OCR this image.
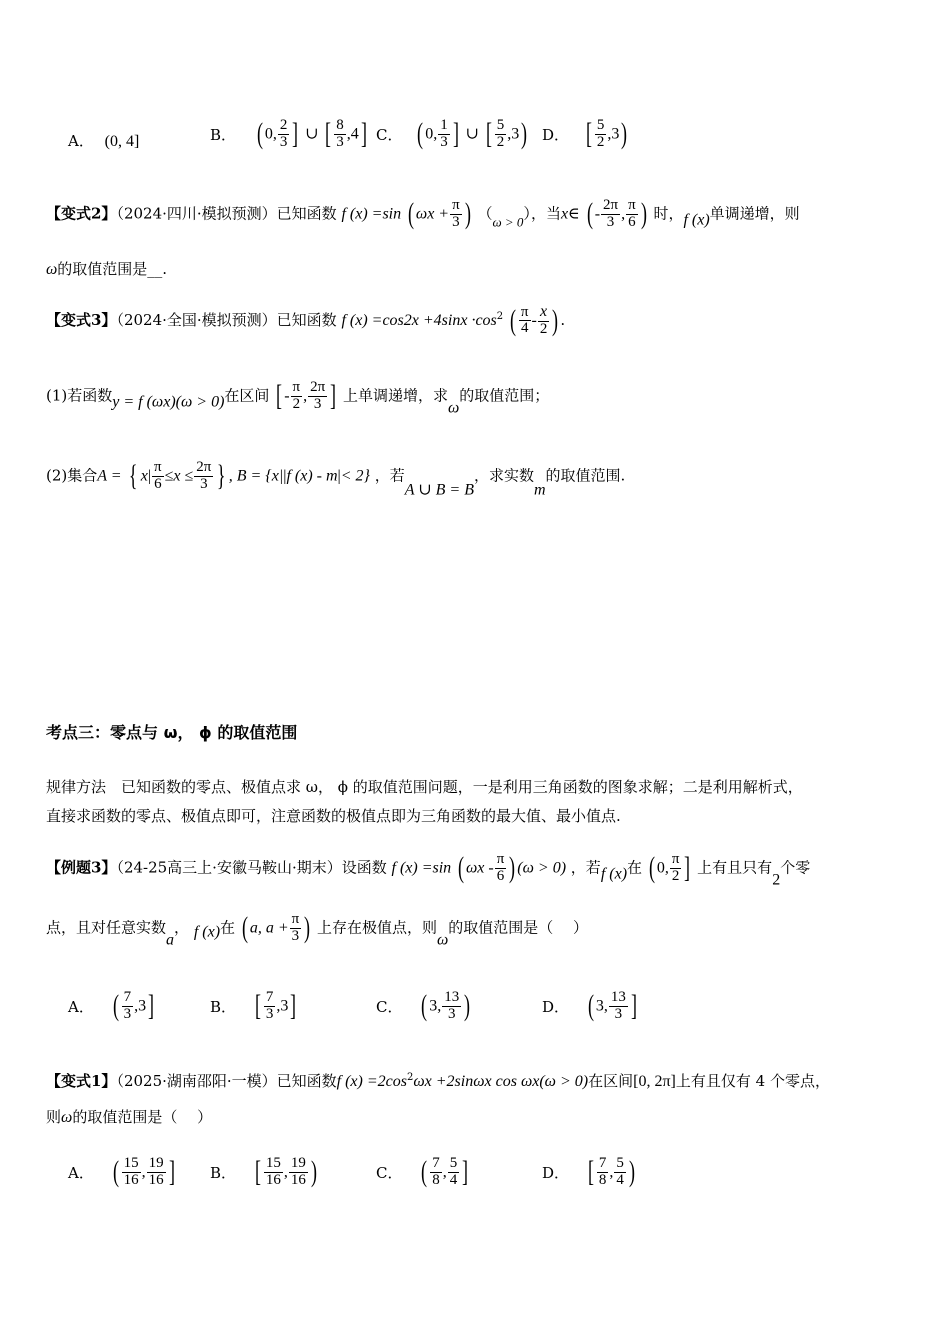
A． (0, 4]	B． ( 0, $\frac{2}{3}$ ] ∪ [ $\frac{8}{3} ,4$] C． ( 0, $\frac{1}{3}$ ] ∪ [ $\frac{5}{2} ,3$) D． [ $\frac{5}{2} ,3$)
【变式2】（2024·四川·模拟预测）已知函数 f (x) =sin ( $\omega x + \frac{\pi}{3}$ ) （ω > 0），当x∈ ( - $\frac{2\pi}{3}$ , $\frac{\pi}{6}$ ) 时，f (x)单调递增，则
ω的取值范围是__.
【变式3】（2024·全国·模拟预测）已知函数 f $(x) =\cos 2x +4\sin x \cdot\cos^2$ ( $\frac{\pi}{4} - \frac{x}{2}$ ) .
(1)若函数y = f (ωx)(ω > 0)在区间 [ - $\frac{\pi}{2}$ , $\frac{2\pi}{3}$ ] 上单调递增，求ω的取值范围；
(2)集合A = { $x| \frac{\pi}{6} \le x \le \frac{2\pi}{3}$ } , B = {x||f (x) - m|< 2} ，若A ∪ B = B，求实数m的取值范围.
考点三：零点与 ω， ϕ 的取值范围
规律方法　已知函数的零点、极值点求 ω， ϕ 的取值范围问题，一是利用三角函数的图象求解；二是利用解析式，
直接求函数的零点、极值点即可，注意函数的极值点即为三角函数的最大值、最小值点.
【例题3】（24-25高三上·安徽马鞍山·期末）设函数 f (x) =sin ( ωx - $\frac{\pi}{6}$ ) (ω > 0) ，若f (x)在 ( 0, $\frac{\pi}{2}$ ] 上有且只有2个零
点，且对任意实数a， f (x)在 ( a, $a + \frac{\pi}{3}$ ) 上存在极值点，则ω的取值范围是（　 ）
A． ( $\frac{7}{3} ,3$]	B． [ $\frac{7}{3} ,3$]	C． ( 3, $\frac{13}{3}$ )	D． ( 3, $\frac{13}{3}$ ]
【变式1】（2025·湖南邵阳·一模）已知函数f $(x) =2\cos^2\omega x +2\sin\omega x$ cos ωx(ω > 0)在区间[0, 2π]上有且仅有 4 个零点，
则ω的取值范围是（　 ）
A． ( $\frac{15}{16}$ , $\frac{19}{16}$ ] B． [ $\frac{15}{16}$ , $\frac{19}{16}$ )	C． ( $\frac{7}{8}$ , $\frac{5}{4}$ ]	D． [ $\frac{7}{8}$ , $\frac{5}{4}$ )
